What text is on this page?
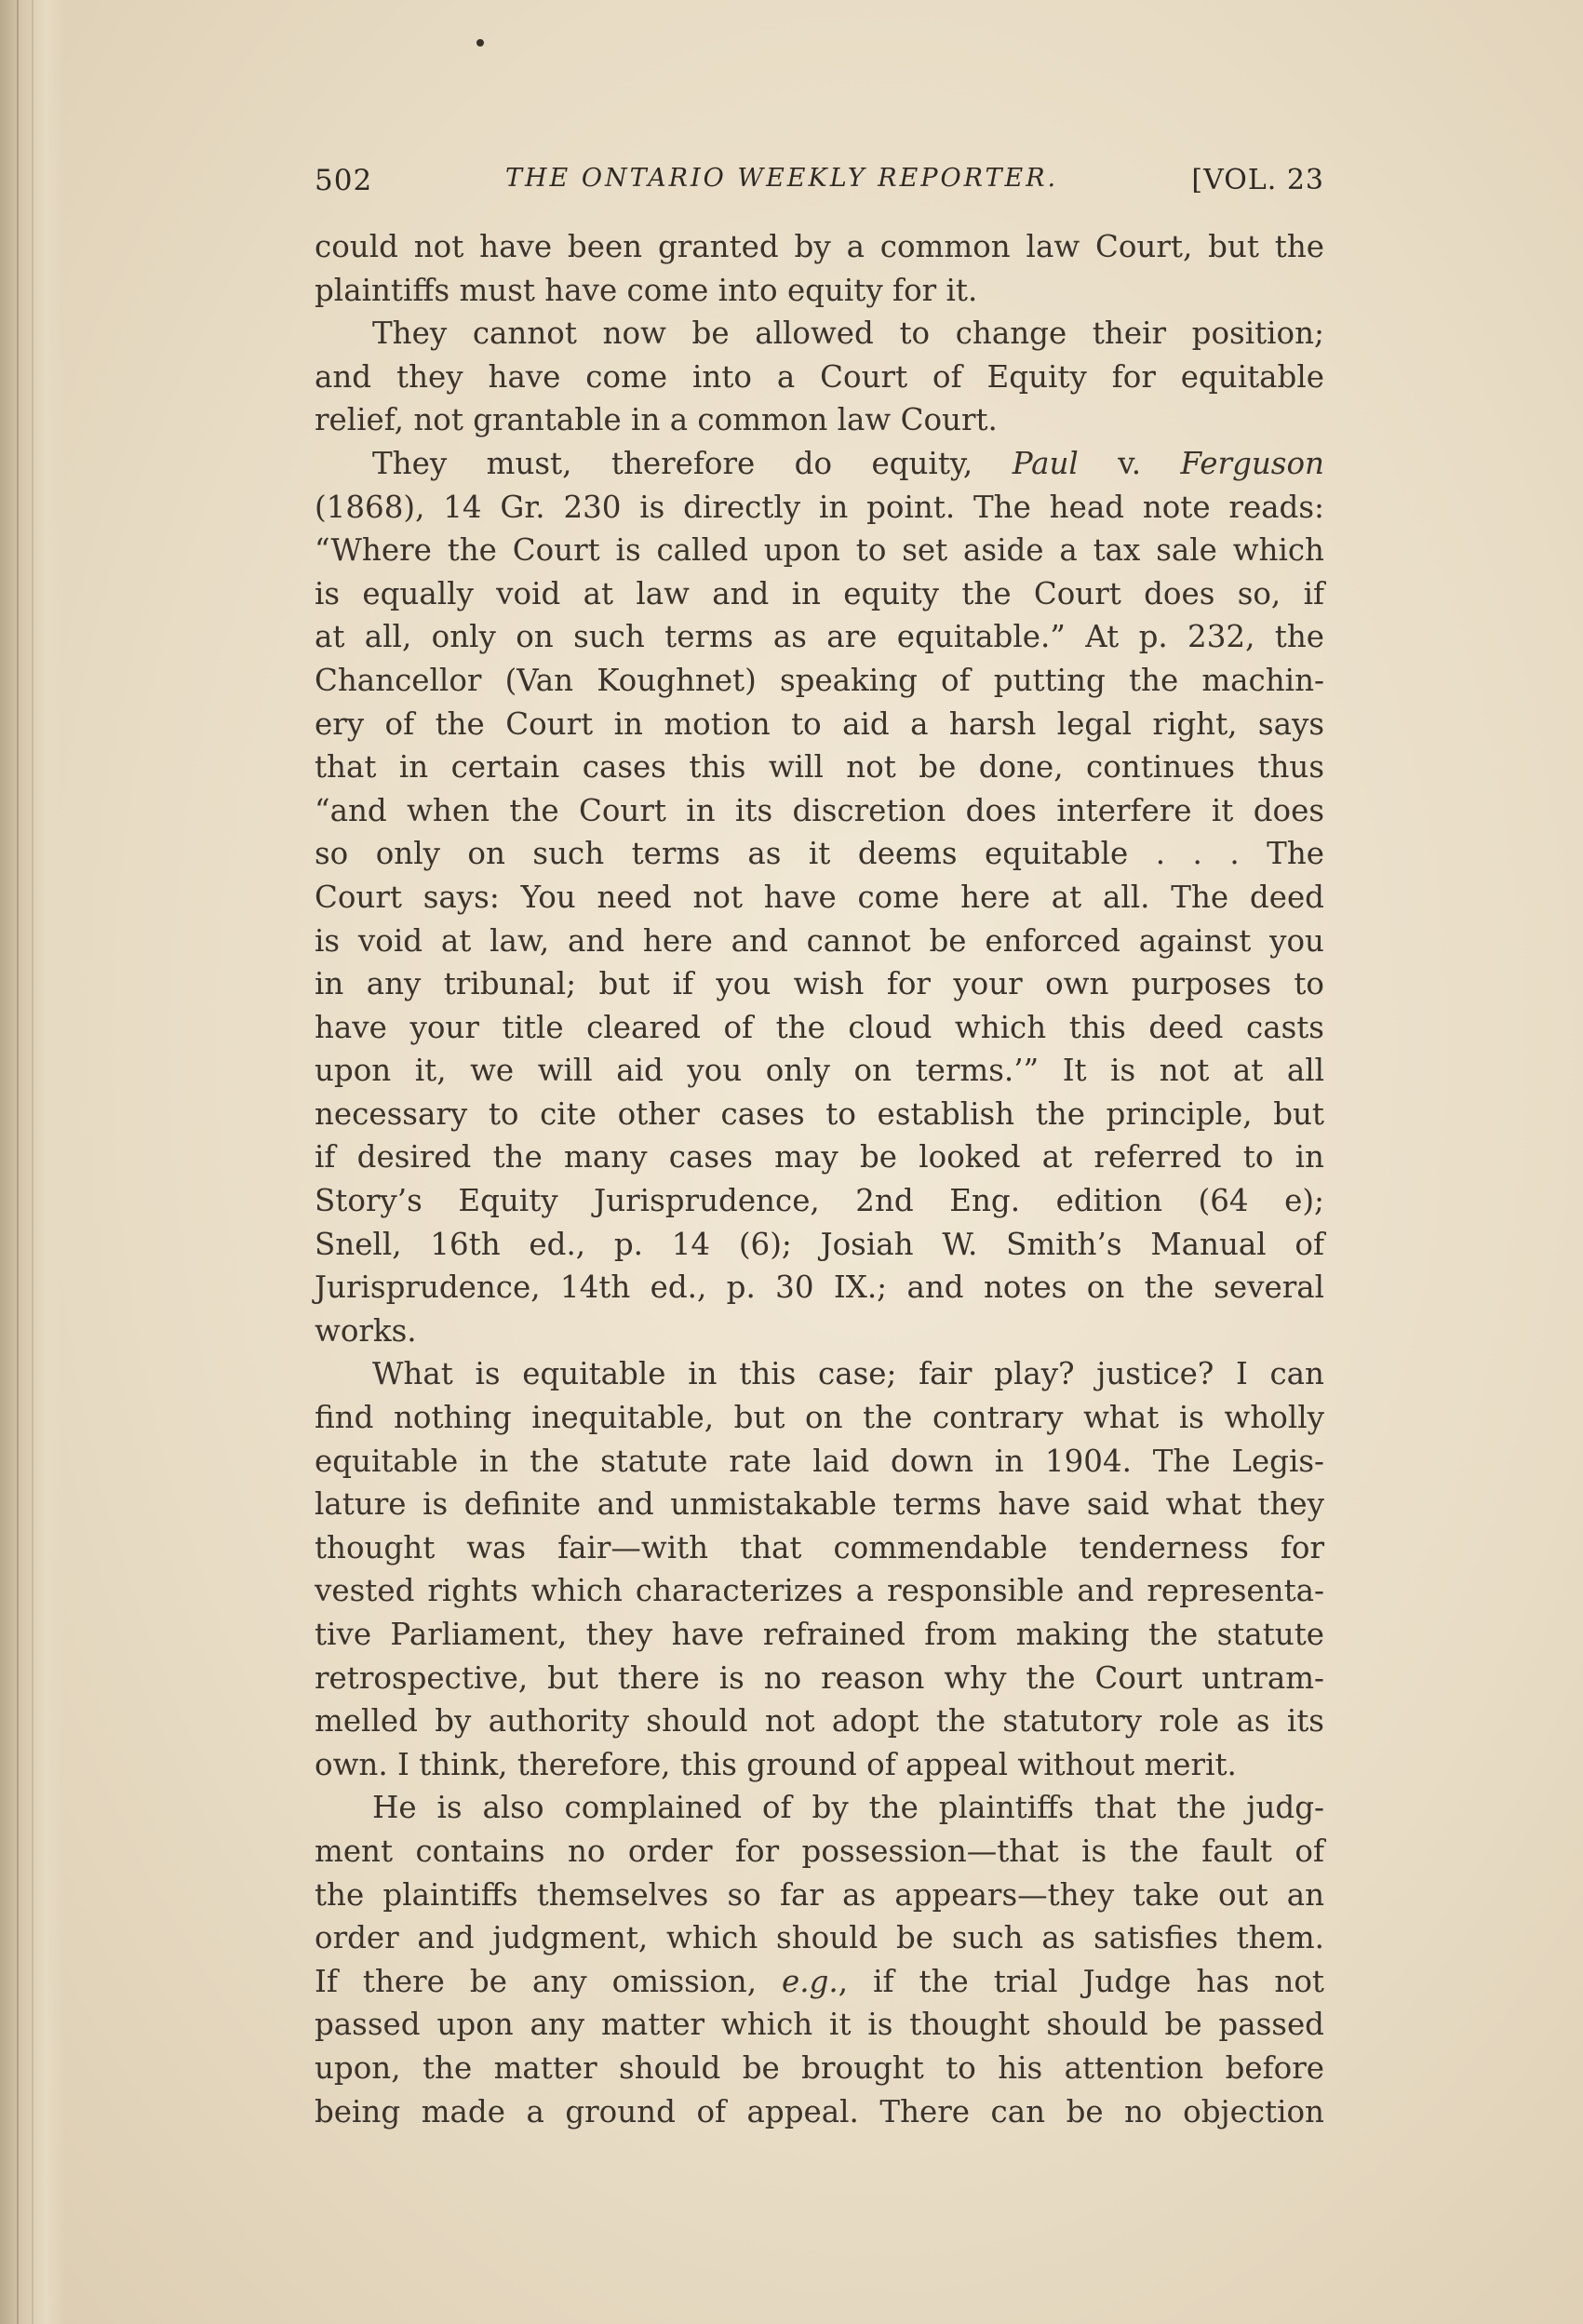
502	THE ONTARIO WEEKLY REPORTER.	[VOL. 23
could not have been granted by a common law Court, but the
plaintiffs must have come into equity for it.
They cannot now be allowed to change their position;
and they have come into a Court of Equity for equitable
relief, not grantable in a common law Court.
They must, therefore do equity, Paul v. Ferguson
(1868), 14 Gr. 230 is directly in point. The head note reads:
“Where the Court is called upon to set aside a tax sale which
is equally void at law and in equity the Court does so, if
at all, only on such terms as are equitable.” At p. 232, the
Chancellor (Van Koughnet) speaking of putting the machin-
ery of the Court in motion to aid a harsh legal right, says
that in certain cases this will not be done, continues thus
“and when the Court in its discretion does interfere it does
so only on such terms as it deems equitable . . . The
Court says: You need not have come here at all. The deed
is void at law, and here and cannot be enforced against you
in any tribunal; but if you wish for your own purposes to
have your title cleared of the cloud which this deed casts
upon it, we will aid you only on terms.’” It is not at all
necessary to cite other cases to establish the principle, but
if desired the many cases may be looked at referred to in
Story’s Equity Jurisprudence, 2nd Eng. edition (64 e);
Snell, 16th ed., p. 14 (6); Josiah W. Smith’s Manual of
Jurisprudence, 14th ed., p. 30 IX.; and notes on the several
works.
What is equitable in this case; fair play? justice? I can
find nothing inequitable, but on the contrary what is wholly
equitable in the statute rate laid down in 1904. The Legis-
lature is definite and unmistakable terms have said what they
thought was fair—with that commendable tenderness for
vested rights which characterizes a responsible and representa-
tive Parliament, they have refrained from making the statute
retrospective, but there is no reason why the Court untram-
melled by authority should not adopt the statutory role as its
own. I think, therefore, this ground of appeal without merit.
He is also complained of by the plaintiffs that the judg-
ment contains no order for possession—that is the fault of
the plaintiffs themselves so far as appears—they take out an
order and judgment, which should be such as satisfies them.
If there be any omission, e.g., if the trial Judge has not
passed upon any matter which it is thought should be passed
upon, the matter should be brought to his attention before
being made a ground of appeal. There can be no objection
